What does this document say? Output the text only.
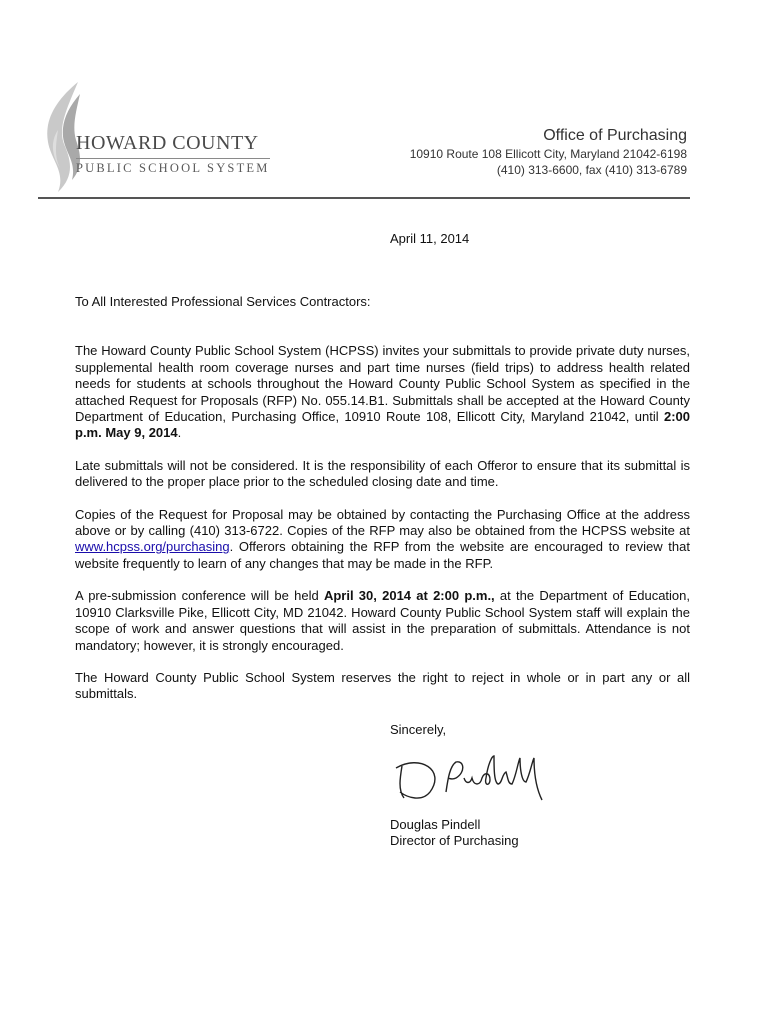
HOWARD COUNTY
PUBLIC SCHOOL SYSTEM
Office of Purchasing
10910 Route 108 Ellicott City, Maryland 21042-6198
(410) 313-6600, fax (410) 313-6789
April 11, 2014

To All Interested Professional Services Contractors:

The Howard County Public School System (HCPSS) invites your submittals to provide private duty nurses, supplemental health room coverage nurses and part time nurses (field trips) to address health related needs for students at schools throughout the Howard County Public School System as specified in the attached Request for Proposals (RFP) No. 055.14.B1. Submittals shall be accepted at the Howard County Department of Education, Purchasing Office, 10910 Route 108, Ellicott City, Maryland 21042, until 2:00 p.m. May 9, 2014.

Late submittals will not be considered. It is the responsibility of each Offeror to ensure that its submittal is delivered to the proper place prior to the scheduled closing date and time.

Copies of the Request for Proposal may be obtained by contacting the Purchasing Office at the address above or by calling (410) 313-6722. Copies of the RFP may also be obtained from the HCPSS website at www.hcpss.org/purchasing. Offerors obtaining the RFP from the website are encouraged to review that website frequently to learn of any changes that may be made in the RFP.

A pre-submission conference will be held April 30, 2014 at 2:00 p.m., at the Department of Education, 10910 Clarksville Pike, Ellicott City, MD 21042. Howard County Public School System staff will explain the scope of work and answer questions that will assist in the preparation of submittals. Attendance is not mandatory; however, it is strongly encouraged.

The Howard County Public School System reserves the right to reject in whole or in part any or all submittals.

Sincerely,
Douglas Pindell
Director of Purchasing
